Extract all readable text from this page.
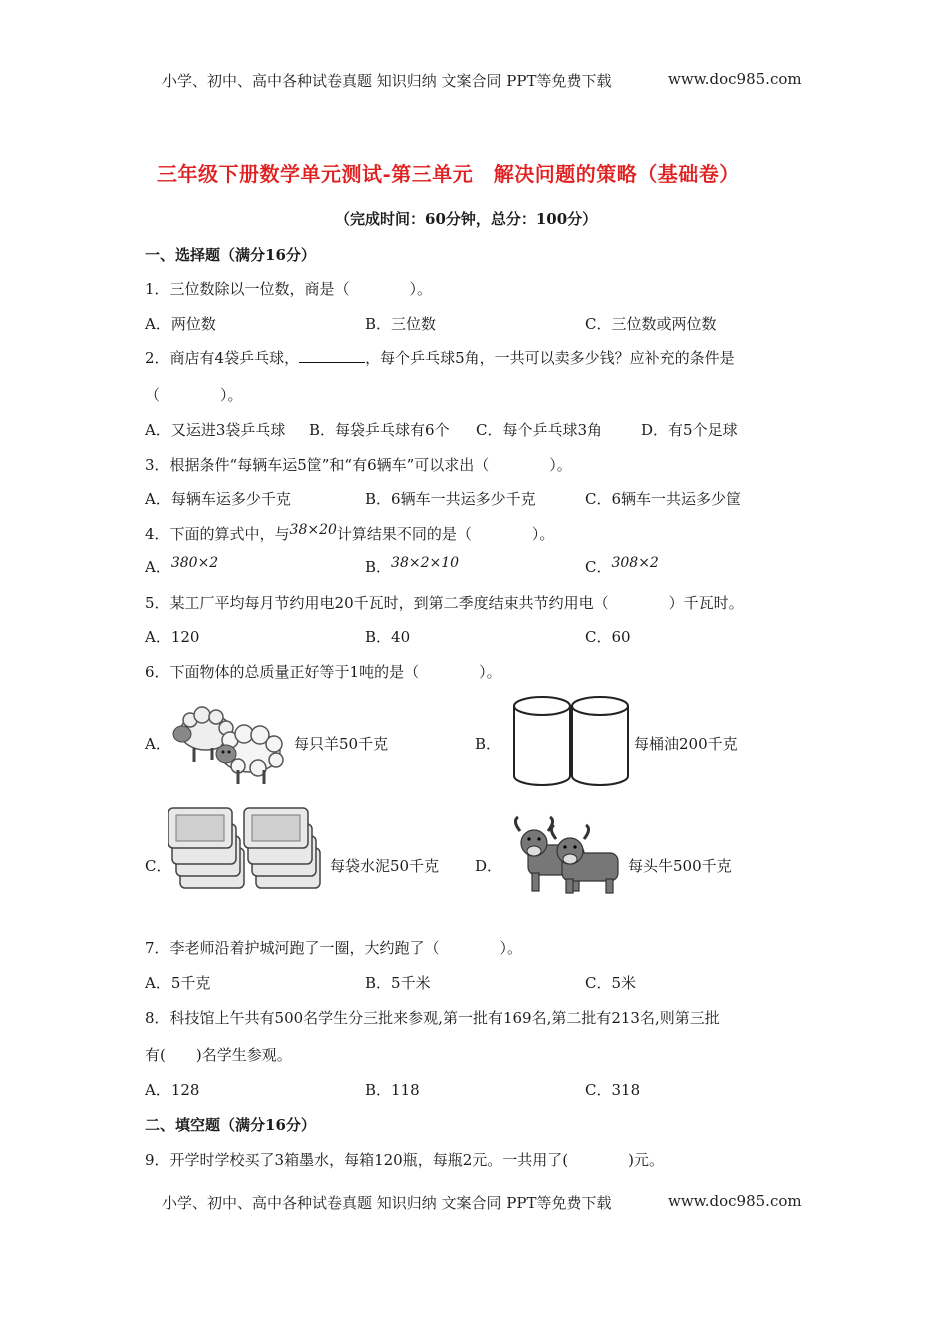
小学、初中、高中各种试卷真题 知识归纳 文案合同 PPT等免费下载	www.doc985.com
三年级下册数学单元测试-第三单元　解决问题的策略（基础卷）
（完成时间：60分钟，总分：100分）
一、选择题（满分16分）
1．三位数除以一位数，商是（　　　　）。
A．两位数	B．三位数	C．三位数或两位数
2．商店有4袋乒乓球，	，每个乒乓球5角，一共可以卖多少钱？应补充的条件是
（　　　　）。
A．又运进3袋乒乓球 B．每袋乒乓球有6个 C．每个乒乓球3角	D．有5个足球
3．根据条件“每辆车运5筐”和“有6辆车”可以求出（　　　　）。
A．每辆车运多少千克	B．6辆车一共运多少千克	C．6辆车一共运多少筐
4．下面的算式中，与38×20计算结果不同的是（　　　　）。
A．380×2	B．38×2×10	C．308×2
5．某工厂平均每月节约用电20千瓦时，到第二季度结束共节约用电（　　　　）千瓦时。
A．120	B．40	C．60
6．下面物体的总质量正好等于1吨的是（　　　　）。
A．	每只羊50千克	B．	每桶油200千克
C．	每袋水泥50千克 D．	每头牛500千克
7．李老师沿着护城河跑了一圈，大约跑了（　　　　）。
A．5千克	B．5千米	C．5米
8．科技馆上午共有500名学生分三批来参观,第一批有169名,第二批有213名,则第三批
有(　　)名学生参观。
A．128	B．118	C．318
二、填空题（满分16分）
9．开学时学校买了3箱墨水，每箱120瓶，每瓶2元。一共用了(　　　　)元。
小学、初中、高中各种试卷真题 知识归纳 文案合同 PPT等免费下载	www.doc985.com
